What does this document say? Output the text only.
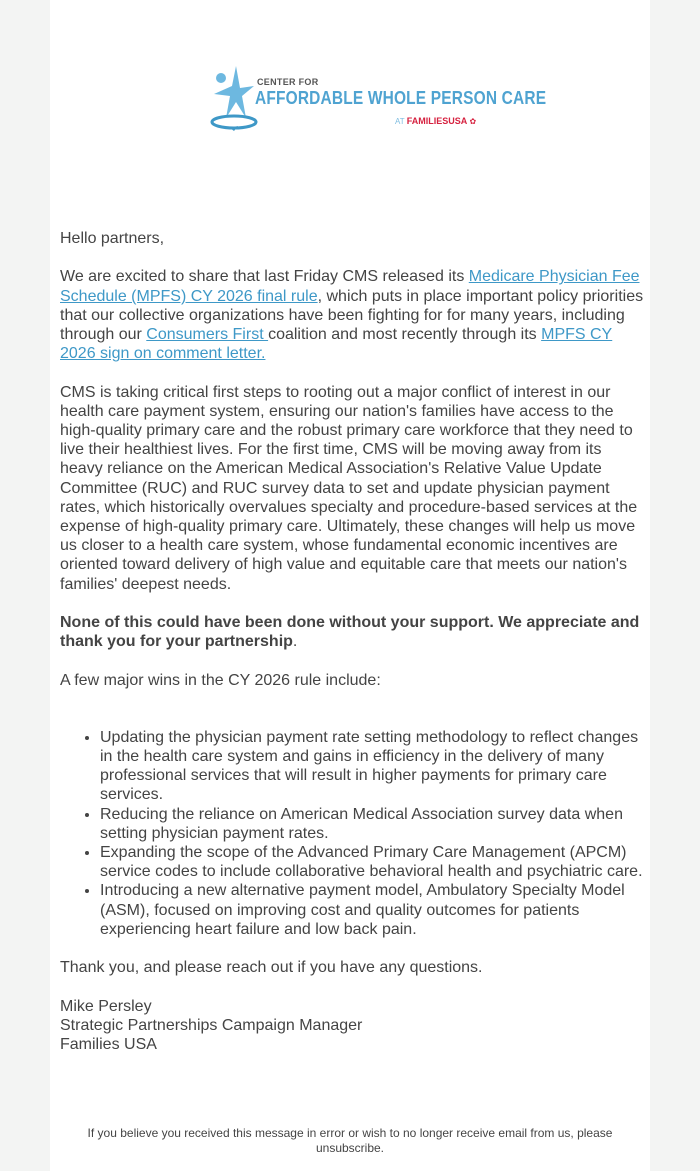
CENTER FOR
AFFORDABLE WHOLE PERSON CARE
AT FAMILIESUSA ✿

Hello partners,

We are excited to share that last Friday CMS released its Medicare Physician Fee Schedule (MPFS) CY 2026 final rule, which puts in place important policy priorities that our collective organizations have been fighting for for many years, including through our Consumers First coalition and most recently through its MPFS CY 2026 sign on comment letter.

CMS is taking critical first steps to rooting out a major conflict of interest in our health care payment system, ensuring our nation's families have access to the high-quality primary care and the robust primary care workforce that they need to live their healthiest lives. For the first time, CMS will be moving away from its heavy reliance on the American Medical Association's Relative Value Update Committee (RUC) and RUC survey data to set and update physician payment rates, which historically overvalues specialty and procedure-based services at the expense of high-quality primary care. Ultimately, these changes will help us move us closer to a health care system, whose fundamental economic incentives are oriented toward delivery of high value and equitable care that meets our nation's families' deepest needs.

None of this could have been done without your support. We appreciate and thank you for your partnership.

A few major wins in the CY 2026 rule include:

• Updating the physician payment rate setting methodology to reflect changes in the health care system and gains in efficiency in the delivery of many professional services that will result in higher payments for primary care services.
• Reducing the reliance on American Medical Association survey data when setting physician payment rates.
• Expanding the scope of the Advanced Primary Care Management (APCM) service codes to include collaborative behavioral health and psychiatric care.
• Introducing a new alternative payment model, Ambulatory Specialty Model (ASM), focused on improving cost and quality outcomes for patients experiencing heart failure and low back pain.

Thank you, and please reach out if you have any questions.

Mike Persley
Strategic Partnerships Campaign Manager
Families USA
If you believe you received this message in error or wish to no longer receive email from us, please unsubscribe.
